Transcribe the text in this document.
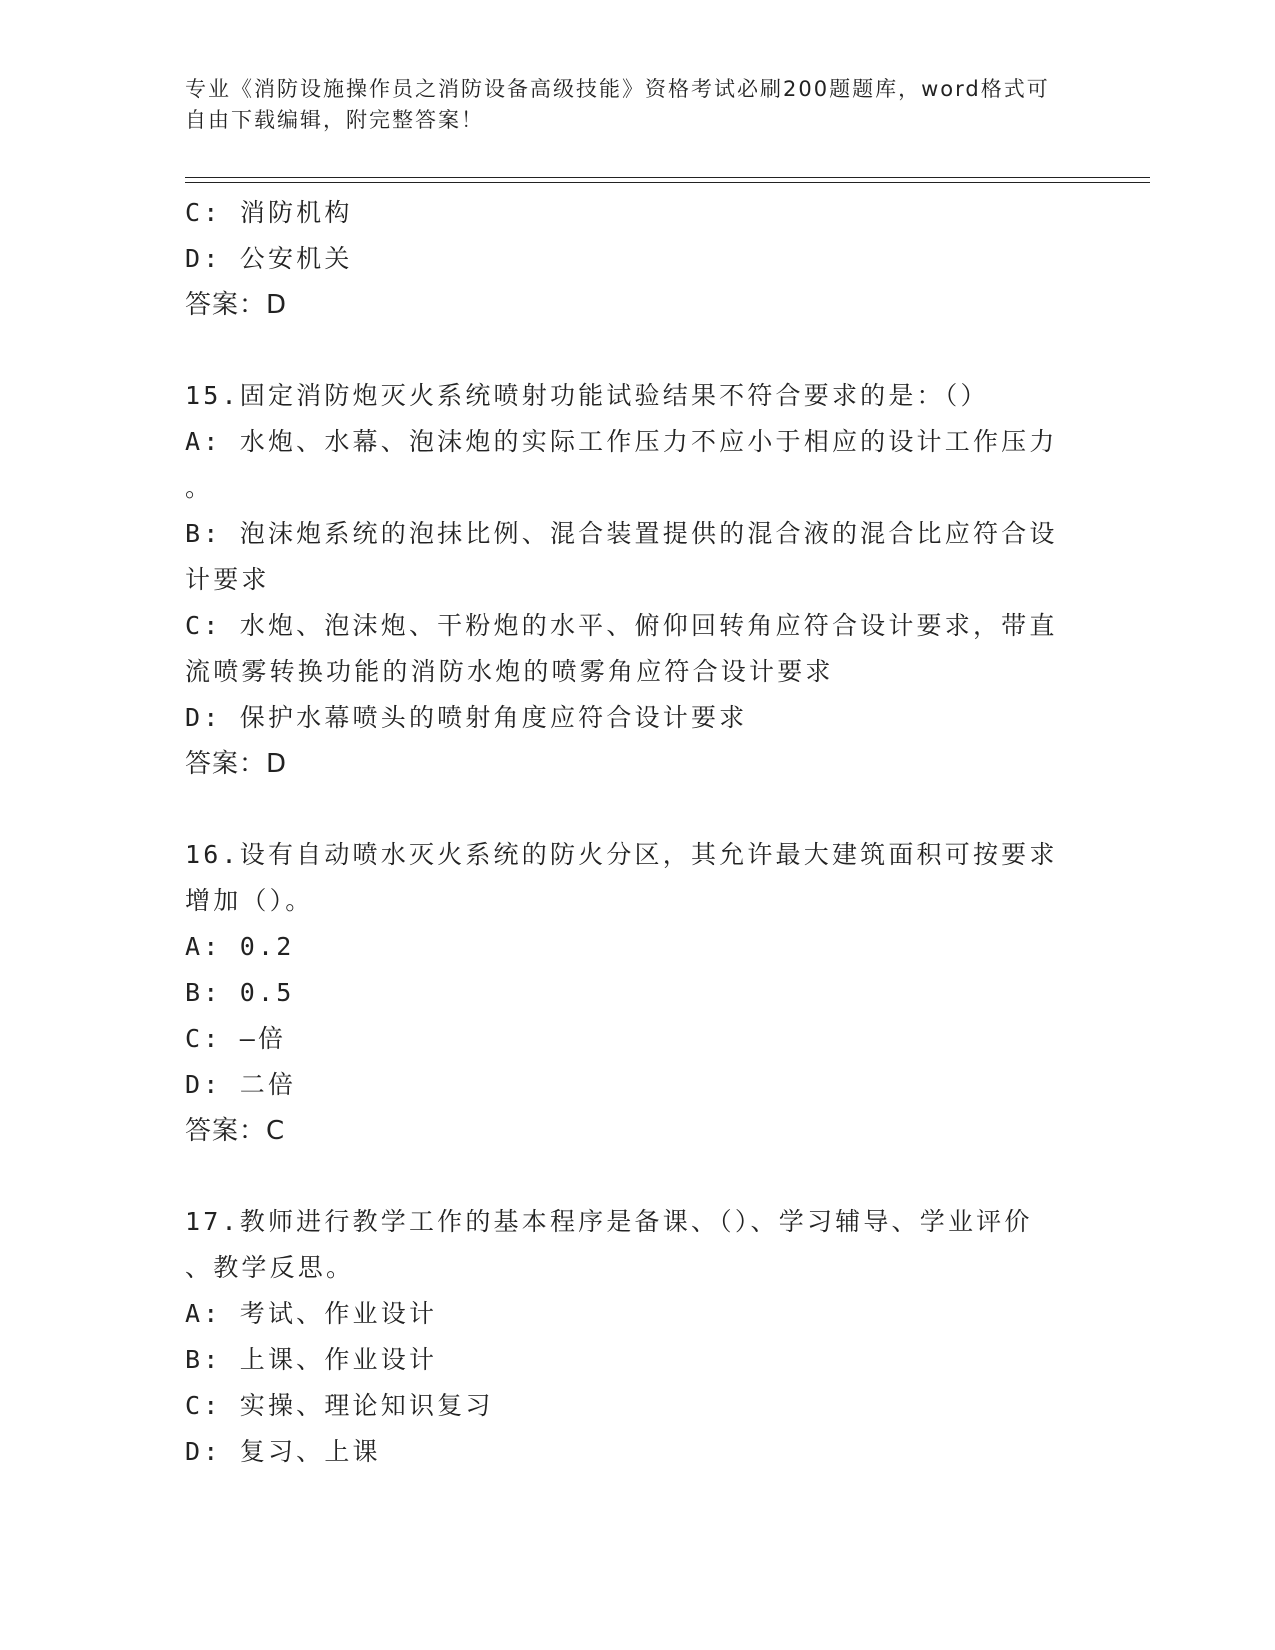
专业《消防设施操作员之消防设备高级技能》资格考试必刷200题题库，word格式可自由下载编辑，附完整答案！

C: 消防机构

D: 公安机关

答案：D

15.固定消防炮灭火系统喷射功能试验结果不符合要求的是：（）

A: 水炮、水幕、泡沫炮的实际工作压力不应小于相应的设计工作压力

。

B: 泡沫炮系统的泡抹比例、混合装置提供的混合液的混合比应符合设

计要求

C: 水炮、泡沫炮、干粉炮的水平、俯仰回转角应符合设计要求，带直

流喷雾转换功能的消防水炮的喷雾角应符合设计要求

D: 保护水幕喷头的喷射角度应符合设计要求

答案：D

16.设有自动喷水灭火系统的防火分区，其允许最大建筑面积可按要求

增加（）。

A: 0.2

B: 0.5

C: —倍

D: 二倍

答案：C

17.教师进行教学工作的基本程序是备课、（）、学习辅导、学业评价

、教学反思。

A: 考试、作业设计

B: 上课、作业设计

C: 实操、理论知识复习

D: 复习、上课
